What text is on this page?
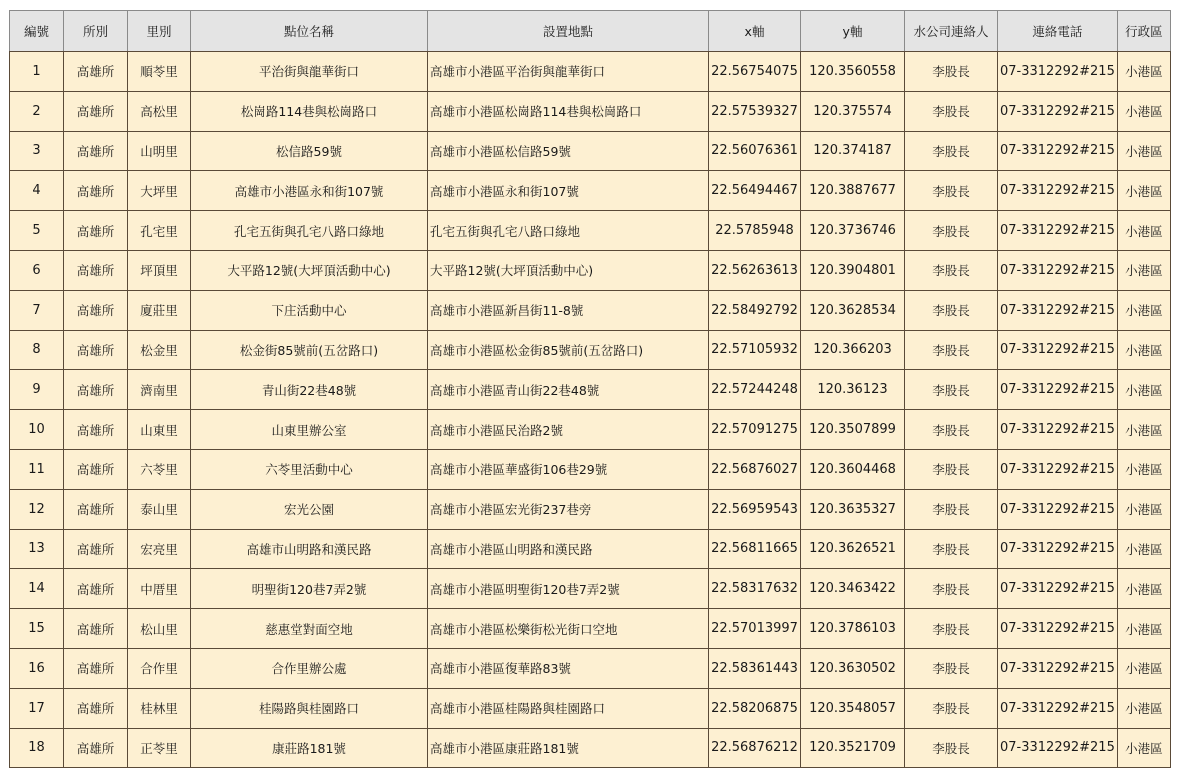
編號	所別	里別	點位名稱	設置地點	x軸	y軸	水公司連絡人	連絡電話	行政區
1	高雄所	順苓里	平治街與龍華街口	高雄市小港區平治街與龍華街口	22.56754075	120.3560558	李股長	07-3312292#215	小港區
2	高雄所	高松里	松崗路114巷與松崗路口	高雄市小港區松崗路114巷與松崗路口	22.57539327	120.375574	李股長	07-3312292#215	小港區
3	高雄所	山明里	松信路59號	高雄市小港區松信路59號	22.56076361	120.374187	李股長	07-3312292#215	小港區
4	高雄所	大坪里	高雄市小港區永和街107號	高雄市小港區永和街107號	22.56494467	120.3887677	李股長	07-3312292#215	小港區
5	高雄所	孔宅里	孔宅五街與孔宅八路口綠地	孔宅五街與孔宅八路口綠地	22.5785948	120.3736746	李股長	07-3312292#215	小港區
6	高雄所	坪頂里	大平路12號(大坪頂活動中心)	大平路12號(大坪頂活動中心)	22.56263613	120.3904801	李股長	07-3312292#215	小港區
7	高雄所	廈莊里	下庄活動中心	高雄市小港區新昌街11-8號	22.58492792	120.3628534	李股長	07-3312292#215	小港區
8	高雄所	松金里	松金街85號前(五岔路口)	高雄市小港區松金街85號前(五岔路口)	22.57105932	120.366203	李股長	07-3312292#215	小港區
9	高雄所	濟南里	青山街22巷48號	高雄市小港區青山街22巷48號	22.57244248	120.36123	李股長	07-3312292#215	小港區
10	高雄所	山東里	山東里辦公室	高雄市小港區民治路2號	22.57091275	120.3507899	李股長	07-3312292#215	小港區
11	高雄所	六苓里	六苓里活動中心	高雄市小港區華盛街106巷29號	22.56876027	120.3604468	李股長	07-3312292#215	小港區
12	高雄所	泰山里	宏光公園	高雄市小港區宏光街237巷旁	22.56959543	120.3635327	李股長	07-3312292#215	小港區
13	高雄所	宏亮里	高雄市山明路和漢民路	高雄市小港區山明路和漢民路	22.56811665	120.3626521	李股長	07-3312292#215	小港區
14	高雄所	中厝里	明聖街120巷7弄2號	高雄市小港區明聖街120巷7弄2號	22.58317632	120.3463422	李股長	07-3312292#215	小港區
15	高雄所	松山里	慈惠堂對面空地	高雄市小港區松樂街松光街口空地	22.57013997	120.3786103	李股長	07-3312292#215	小港區
16	高雄所	合作里	合作里辦公處	高雄市小港區復華路83號	22.58361443	120.3630502	李股長	07-3312292#215	小港區
17	高雄所	桂林里	桂陽路與桂園路口	高雄市小港區桂陽路與桂園路口	22.58206875	120.3548057	李股長	07-3312292#215	小港區
18	高雄所	正苓里	康莊路181號	高雄市小港區康莊路181號	22.56876212	120.3521709	李股長	07-3312292#215	小港區
